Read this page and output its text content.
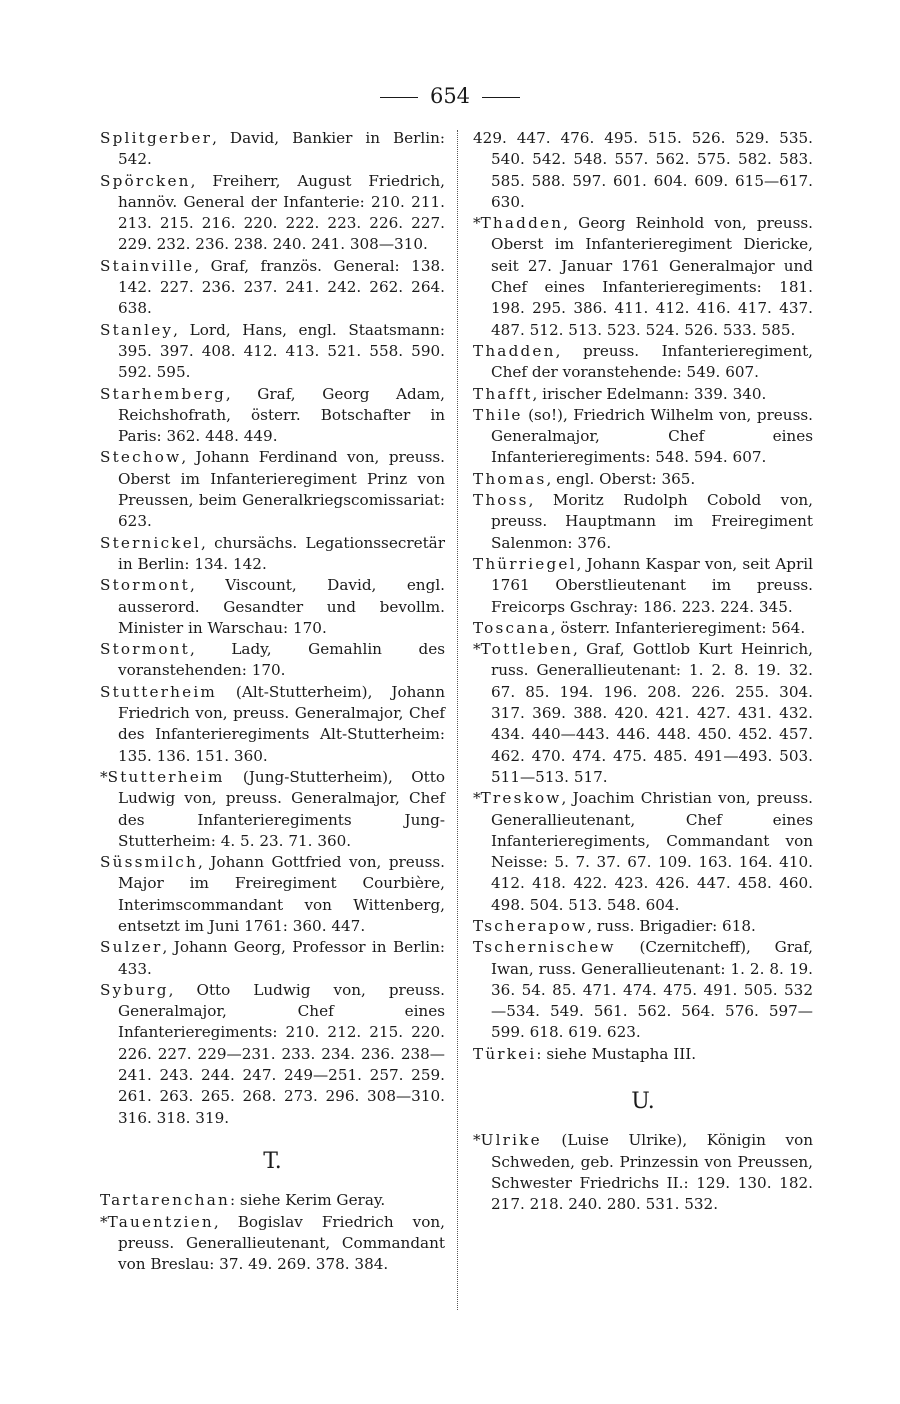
654

Splitgerber, David, Bankier in Berlin: 542.

Spörcken, Freiherr, August Friedrich, hannöv. General der Infanterie: 210. 211. 213. 215. 216. 220. 222. 223. 226. 227. 229. 232. 236. 238. 240. 241. 308—310.

Stainville, Graf, französ. General: 138. 142. 227. 236. 237. 241. 242. 262. 264. 638.

Stanley, Lord, Hans, engl. Staatsmann: 395. 397. 408. 412. 413. 521. 558. 590. 592. 595.

Starhemberg, Graf, Georg Adam, Reichshofrath, österr. Botschafter in Paris: 362. 448. 449.

Stechow, Johann Ferdinand von, preuss. Oberst im Infanterieregiment Prinz von Preussen, beim Generalkriegscomissariat: 623.

Sternickel, chursächs. Legationssecretär in Berlin: 134. 142.

Stormont, Viscount, David, engl. ausserord. Gesandter und bevollm. Minister in Warschau: 170.

Stormont, Lady, Gemahlin des voranstehenden: 170.

Stutterheim (Alt-Stutterheim), Johann Friedrich von, preuss. Generalmajor, Chef des Infanterieregiments Alt-Stutterheim: 135. 136. 151. 360.

*Stutterheim (Jung-Stutterheim), Otto Ludwig von, preuss. Generalmajor, Chef des Infanterieregiments Jung-Stutterheim: 4. 5. 23. 71. 360.

Süssmilch, Johann Gottfried von, preuss. Major im Freiregiment Courbière, Interimscommandant von Wittenberg, entsetzt im Juni 1761: 360. 447.

Sulzer, Johann Georg, Professor in Berlin: 433.

Syburg, Otto Ludwig von, preuss. Generalmajor, Chef eines Infanterieregiments: 210. 212. 215. 220. 226. 227. 229—231. 233. 234. 236. 238—241. 243. 244. 247. 249—251. 257. 259. 261. 263. 265. 268. 273. 296. 308—310. 316. 318. 319.

T.

Tartarenchan: siehe Kerim Geray.

*Tauentzien, Bogislav Friedrich von, preuss. Generallieutenant, Commandant von Breslau: 37. 49. 269. 378. 384.

429. 447. 476. 495. 515. 526. 529. 535. 540. 542. 548. 557. 562. 575. 582. 583. 585. 588. 597. 601. 604. 609. 615—617. 630.

*Thadden, Georg Reinhold von, preuss. Oberst im Infanterieregiment Diericke, seit 27. Januar 1761 Generalmajor und Chef eines Infanterieregiments: 181. 198. 295. 386. 411. 412. 416. 417. 437. 487. 512. 513. 523. 524. 526. 533. 585.

Thadden, preuss. Infanterieregiment, Chef der voranstehende: 549. 607.

Thafft, irischer Edelmann: 339. 340.

Thile (so!), Friedrich Wilhelm von, preuss. Generalmajor, Chef eines Infanterieregiments: 548. 594. 607.

Thomas, engl. Oberst: 365.

Thoss, Moritz Rudolph Cobold von, preuss. Hauptmann im Freiregiment Salenmon: 376.

Thürriegel, Johann Kaspar von, seit April 1761 Oberstlieutenant im preuss. Freicorps Gschray: 186. 223. 224. 345.

Toscana, österr. Infanterieregiment: 564.

*Tottleben, Graf, Gottlob Kurt Heinrich, russ. Generallieutenant: 1. 2. 8. 19. 32. 67. 85. 194. 196. 208. 226. 255. 304. 317. 369. 388. 420. 421. 427. 431. 432. 434. 440—443. 446. 448. 450. 452. 457. 462. 470. 474. 475. 485. 491—493. 503. 511—513. 517.

*Treskow, Joachim Christian von, preuss. Generallieutenant, Chef eines Infanterieregiments, Commandant von Neisse: 5. 7. 37. 67. 109. 163. 164. 410. 412. 418. 422. 423. 426. 447. 458. 460. 498. 504. 513. 548. 604.

Tscherapow, russ. Brigadier: 618.

Tschernischew (Czernitcheff), Graf, Iwan, russ. Generallieutenant: 1. 2. 8. 19. 36. 54. 85. 471. 474. 475. 491. 505. 532—534. 549. 561. 562. 564. 576. 597—599. 618. 619. 623.

Türkei: siehe Mustapha III.

U.

*Ulrike (Luise Ulrike), Königin von Schweden, geb. Prinzessin von Preussen, Schwester Friedrichs II.: 129. 130. 182. 217. 218. 240. 280. 531. 532.
